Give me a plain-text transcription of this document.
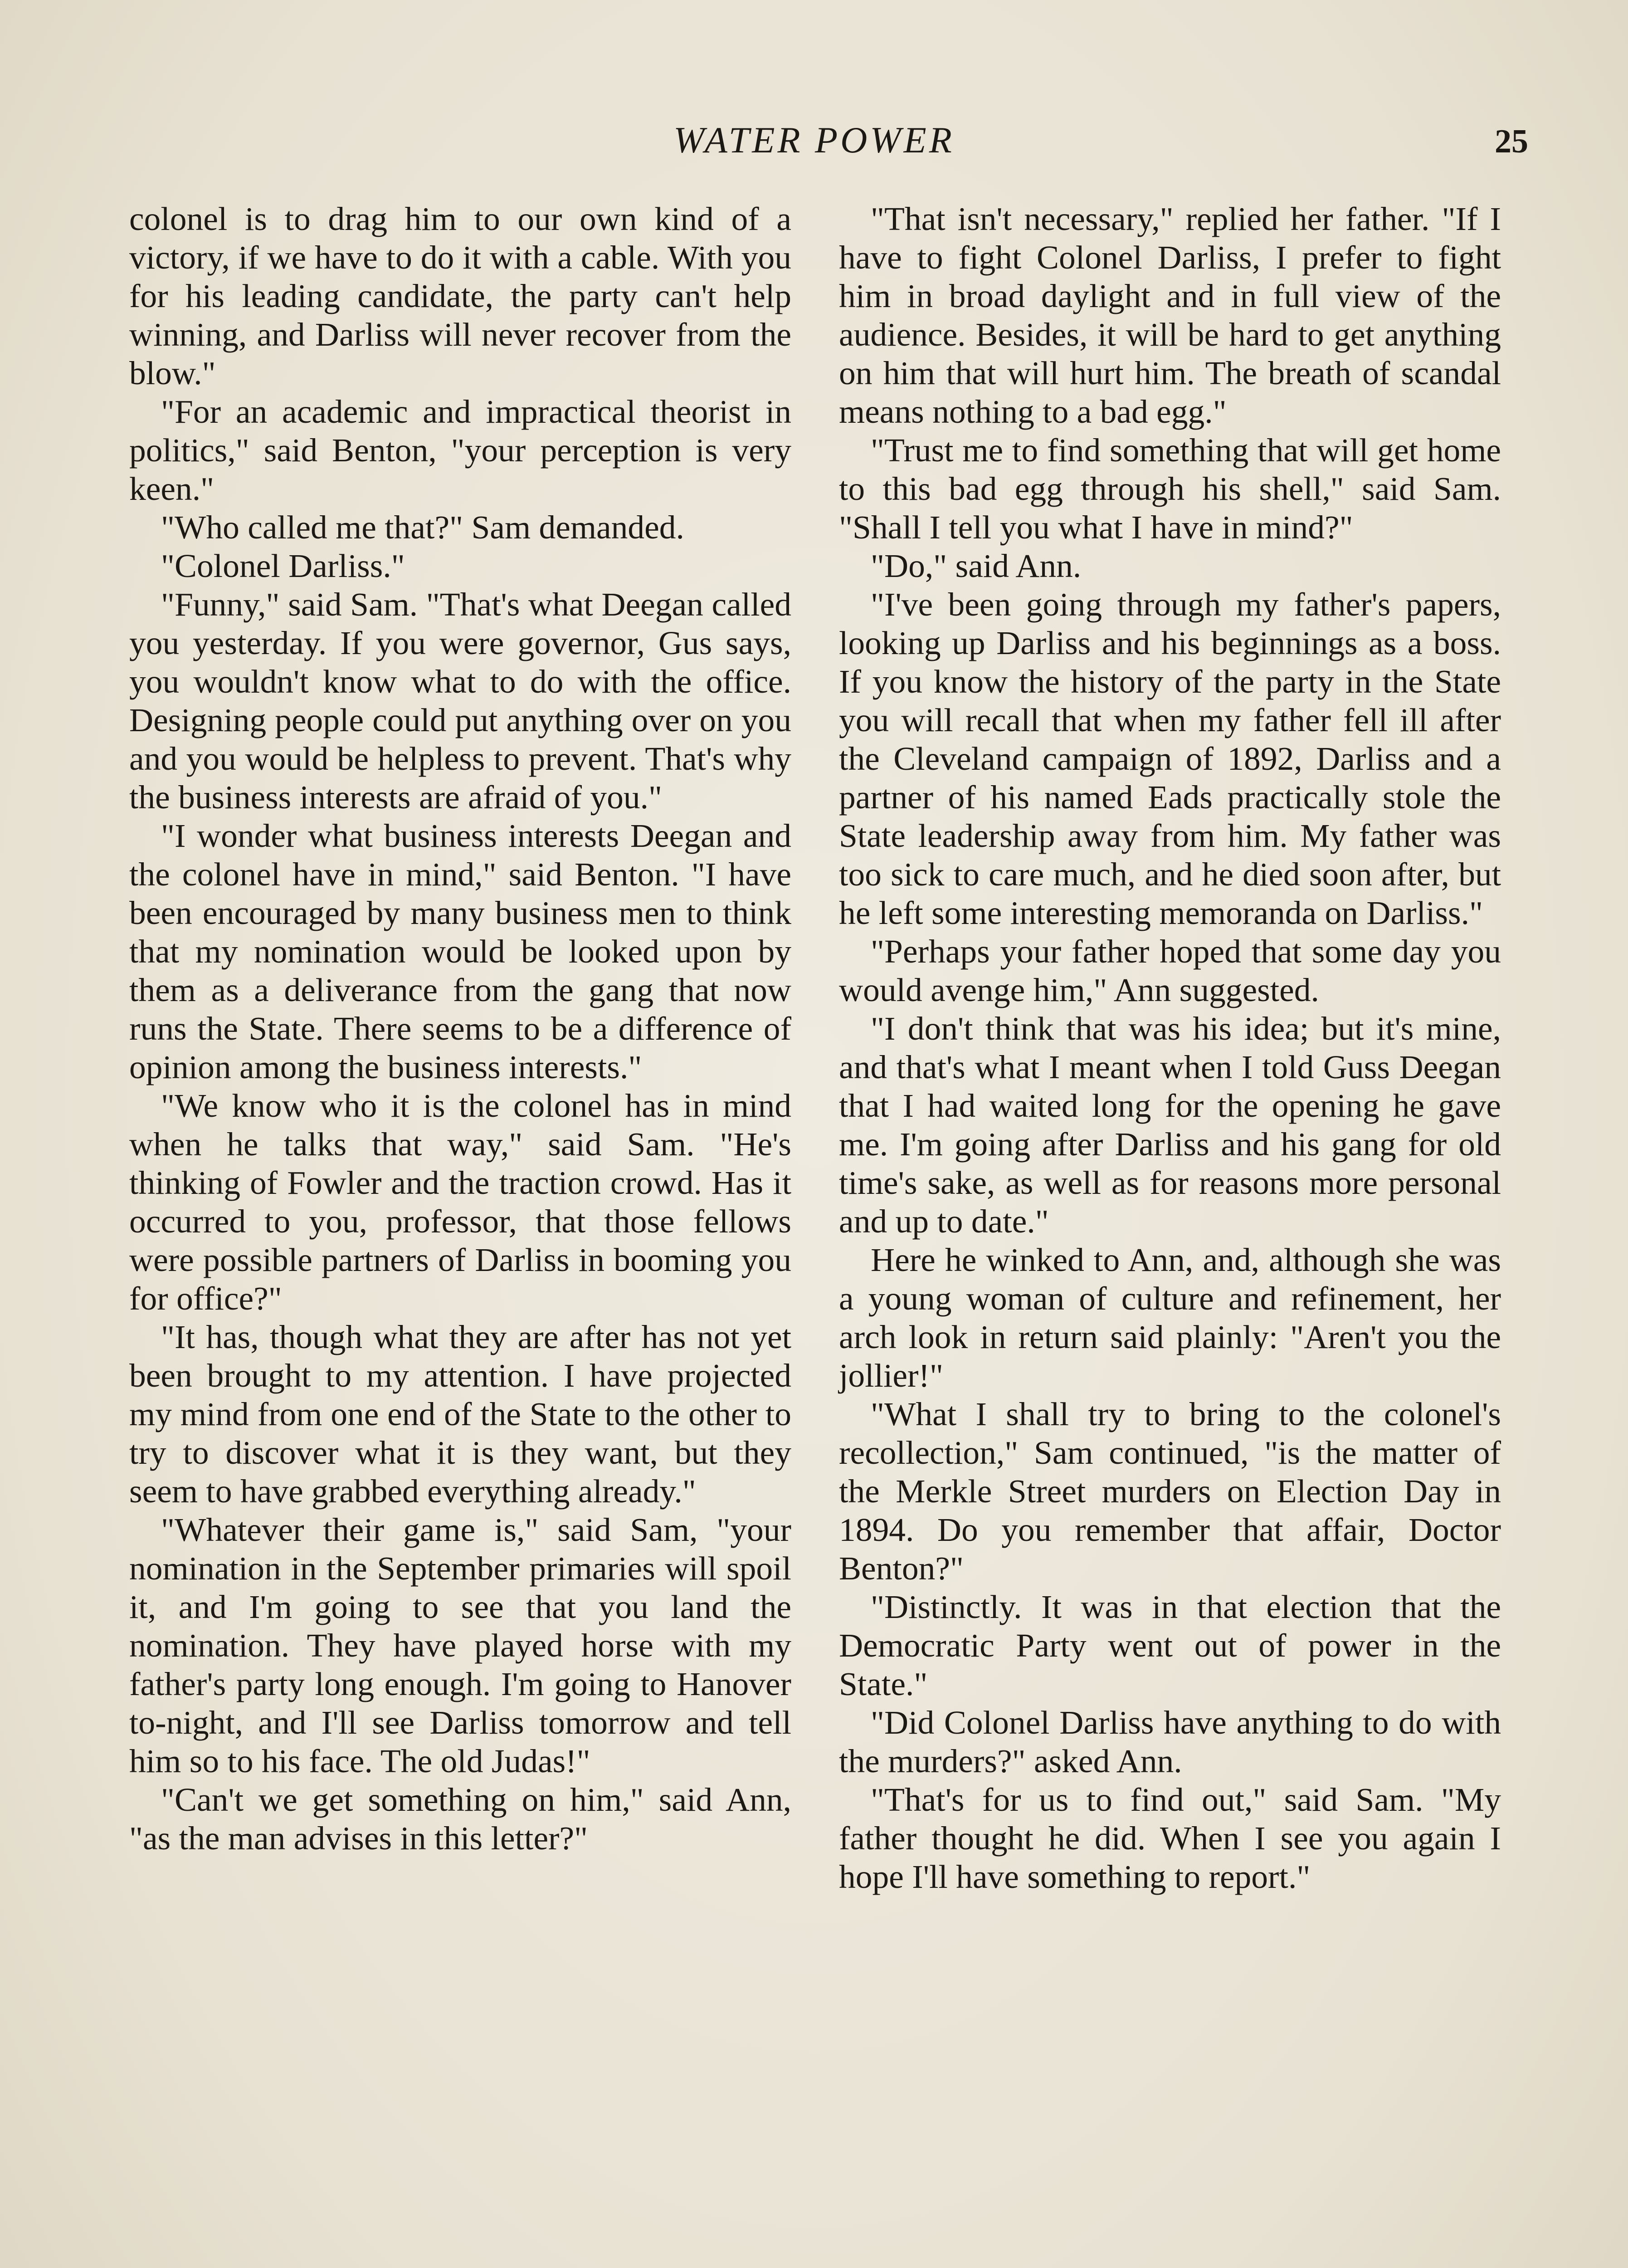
WATER POWER	25

colonel is to drag him to our own kind of a victory, if we have to do it with a cable. With you for his leading candidate, the party can't help winning, and Darliss will never recover from the blow."

"For an academic and impractical theorist in politics," said Benton, "your perception is very keen."

"Who called me that?" Sam demanded.

"Colonel Darliss."

"Funny," said Sam. "That's what Deegan called you yesterday. If you were governor, Gus says, you wouldn't know what to do with the office. Designing people could put anything over on you and you would be helpless to prevent. That's why the business interests are afraid of you."

"I wonder what business interests Deegan and the colonel have in mind," said Benton. "I have been encouraged by many business men to think that my nomination would be looked upon by them as a deliverance from the gang that now runs the State. There seems to be a difference of opinion among the business interests."

"We know who it is the colonel has in mind when he talks that way," said Sam. "He's thinking of Fowler and the traction crowd. Has it occurred to you, professor, that those fellows were possible partners of Darliss in booming you for office?"

"It has, though what they are after has not yet been brought to my attention. I have projected my mind from one end of the State to the other to try to discover what it is they want, but they seem to have grabbed everything already."

"Whatever their game is," said Sam, "your nomination in the September primaries will spoil it, and I'm going to see that you land the nomination. They have played horse with my father's party long enough. I'm going to Hanover to-night, and I'll see Darliss tomorrow and tell him so to his face. The old Judas!"

"Can't we get something on him," said Ann, "as the man advises in this letter?"

"That isn't necessary," replied her father. "If I have to fight Colonel Darliss, I prefer to fight him in broad daylight and in full view of the audience. Besides, it will be hard to get anything on him that will hurt him. The breath of scandal means nothing to a bad egg."

"Trust me to find something that will get home to this bad egg through his shell," said Sam. "Shall I tell you what I have in mind?"

"Do," said Ann.

"I've been going through my father's papers, looking up Darliss and his beginnings as a boss. If you know the history of the party in the State you will recall that when my father fell ill after the Cleveland campaign of 1892, Darliss and a partner of his named Eads practically stole the State leadership away from him. My father was too sick to care much, and he died soon after, but he left some interesting memoranda on Darliss."

"Perhaps your father hoped that some day you would avenge him," Ann suggested.

"I don't think that was his idea; but it's mine, and that's what I meant when I told Guss Deegan that I had waited long for the opening he gave me. I'm going after Darliss and his gang for old time's sake, as well as for reasons more personal and up to date."

Here he winked to Ann, and, although she was a young woman of culture and refinement, her arch look in return said plainly: "Aren't you the jollier!"

"What I shall try to bring to the colonel's recollection," Sam continued, "is the matter of the Merkle Street murders on Election Day in 1894. Do you remember that affair, Doctor Benton?"

"Distinctly. It was in that election that the Democratic Party went out of power in the State."

"Did Colonel Darliss have anything to do with the murders?" asked Ann.

"That's for us to find out," said Sam. "My father thought he did. When I see you again I hope I'll have something to report."
